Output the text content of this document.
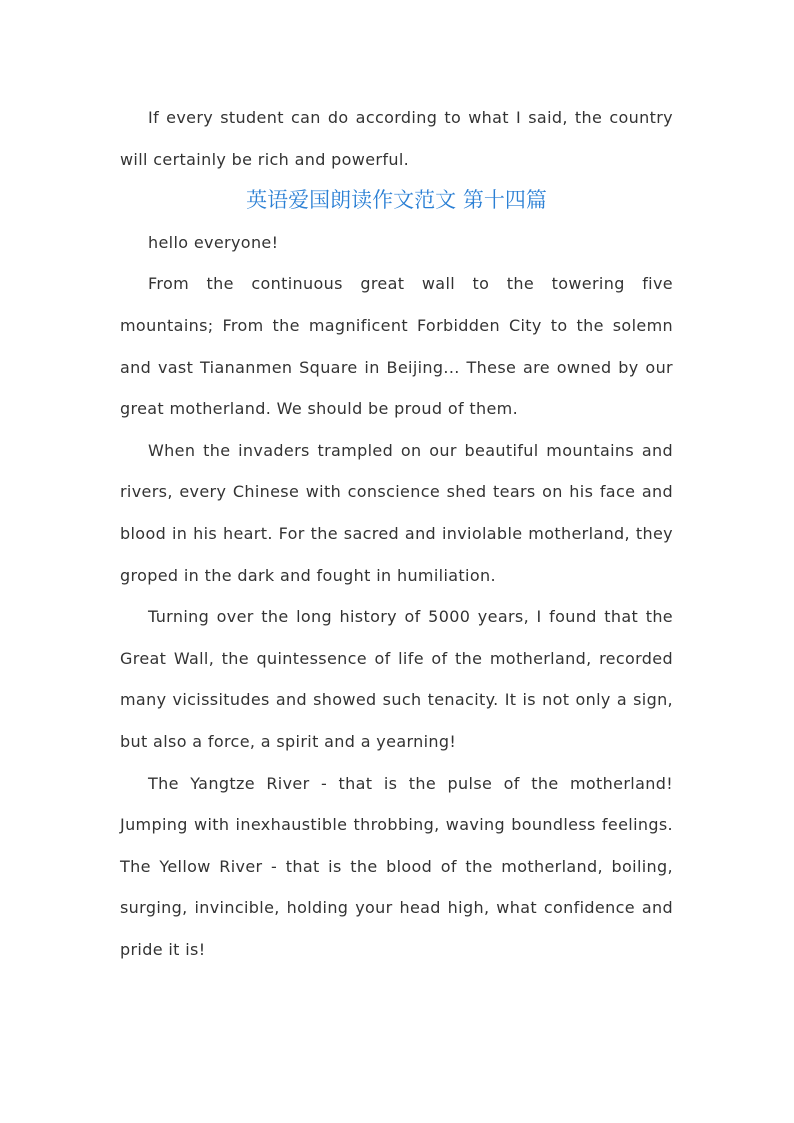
If every student can do according to what I said, the country will certainly be rich and powerful.

英语爱国朗读作文范文 第十四篇

hello everyone!

From the continuous great wall to the towering five mountains; From the magnificent Forbidden City to the solemn and vast Tiananmen Square in Beijing... These are owned by our great motherland. We should be proud of them.

When the invaders trampled on our beautiful mountains and rivers, every Chinese with conscience shed tears on his face and blood in his heart. For the sacred and inviolable motherland, they groped in the dark and fought in humiliation.

Turning over the long history of 5000 years, I found that the Great Wall, the quintessence of life of the motherland, recorded many vicissitudes and showed such tenacity. It is not only a sign, but also a force, a spirit and a yearning!

The Yangtze River - that is the pulse of the motherland! Jumping with inexhaustible throbbing, waving boundless feelings. The Yellow River - that is the blood of the motherland, boiling, surging, invincible, holding your head high, what confidence and pride it is!
